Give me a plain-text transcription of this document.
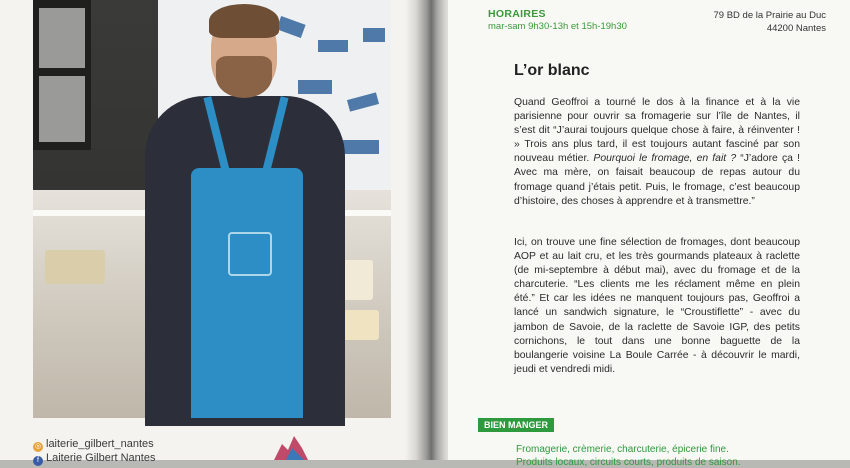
◎ laiterie_gilbert_nantes
f Laiterie Gilbert Nantes
HORAIRES
mar-sam 9h30-13h et 15h-19h30
79 BD de la Prairie au Duc
44200 Nantes
L’or blanc

Quand Geoffroi a tourné le dos à la finance et à la vie parisienne pour ouvrir sa fromagerie sur l’île de Nantes, il s’est dit “J’aurai toujours quelque chose à faire, à réinventer ! » Trois ans plus tard, il est toujours autant fasciné par son nouveau métier. Pourquoi le fromage, en fait ? “J’adore ça ! Avec ma mère, on faisait beaucoup de repas autour du fromage quand j’étais petit. Puis, le fromage, c’est beaucoup d’histoire, des choses à apprendre et à transmettre.”

Ici, on trouve une fine sélection de fromages, dont beaucoup AOP et au lait cru, et les très gourmands plateaux à raclette (de mi-septembre à début mai), avec du fromage et de la charcuterie. “Les clients me les réclament même en plein été.” Et car les idées ne manquent toujours pas, Geoffroi a lancé un sandwich signature, le “Croustiflette” - avec du jambon de Savoie, de la raclette de Savoie IGP, des petits cornichons, le tout dans une bonne baguette de la boulangerie voisine La Boule Carrée - à découvrir le mardi, jeudi et vendredi midi.

BIEN MANGER
Fromagerie, crèmerie, charcuterie, épicerie fine.
Produits locaux, circuits courts, produits de saison.
